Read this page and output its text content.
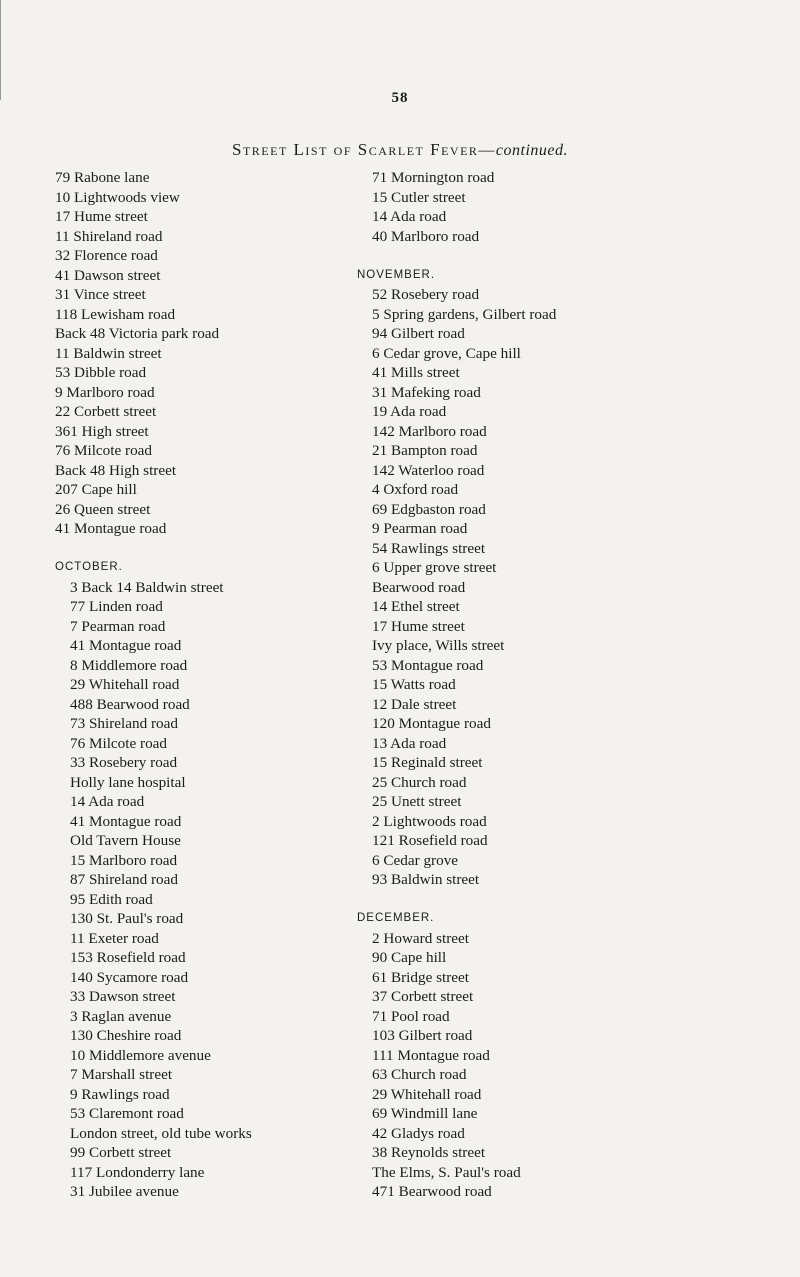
58
Street List of Scarlet Fever—continued.
79 Rabone lane
10 Lightwoods view
17 Hume street
11 Shireland road
32 Florence road
41 Dawson street
31 Vince street
118 Lewisham road
Back 48 Victoria park road
11 Baldwin street
53 Dibble road
9 Marlboro road
22 Corbett street
361 High street
76 Milcote road
Back 48 High street
207 Cape hill
26 Queen street
41 Montague road
OCTOBER.
3 Back 14 Baldwin street
77 Linden road
7 Pearman road
41 Montague road
8 Middlemore road
29 Whitehall road
488 Bearwood road
73 Shireland road
76 Milcote road
33 Rosebery road
Holly lane hospital
14 Ada road
41 Montague road
Old Tavern House
15 Marlboro road
87 Shireland road
95 Edith road
130 St. Paul's road
11 Exeter road
153 Rosefield road
140 Sycamore road
33 Dawson street
3 Raglan avenue
130 Cheshire road
10 Middlemore avenue
7 Marshall street
9 Rawlings road
53 Claremont road
London street, old tube works
99 Corbett street
117 Londonderry lane
31 Jubilee avenue
71 Mornington road
15 Cutler street
14 Ada road
40 Marlboro road
NOVEMBER.
52 Rosebery road
5 Spring gardens, Gilbert road
94 Gilbert road
6 Cedar grove, Cape hill
41 Mills street
31 Mafeking road
19 Ada road
142 Marlboro road
21 Bampton road
142 Waterloo road
4 Oxford road
69 Edgbaston road
9 Pearman road
54 Rawlings street
6 Upper grove street
Bearwood road
14 Ethel street
17 Hume street
Ivy place, Wills street
53 Montague road
15 Watts road
12 Dale street
120 Montague road
13 Ada road
15 Reginald street
25 Church road
25 Unett street
2 Lightwoods road
121 Rosefield road
6 Cedar grove
93 Baldwin street
DECEMBER.
2 Howard street
90 Cape hill
61 Bridge street
37 Corbett street
71 Pool road
103 Gilbert road
111 Montague road
63 Church road
29 Whitehall road
69 Windmill lane
42 Gladys road
38 Reynolds street
The Elms, S. Paul's road
471 Bearwood road
